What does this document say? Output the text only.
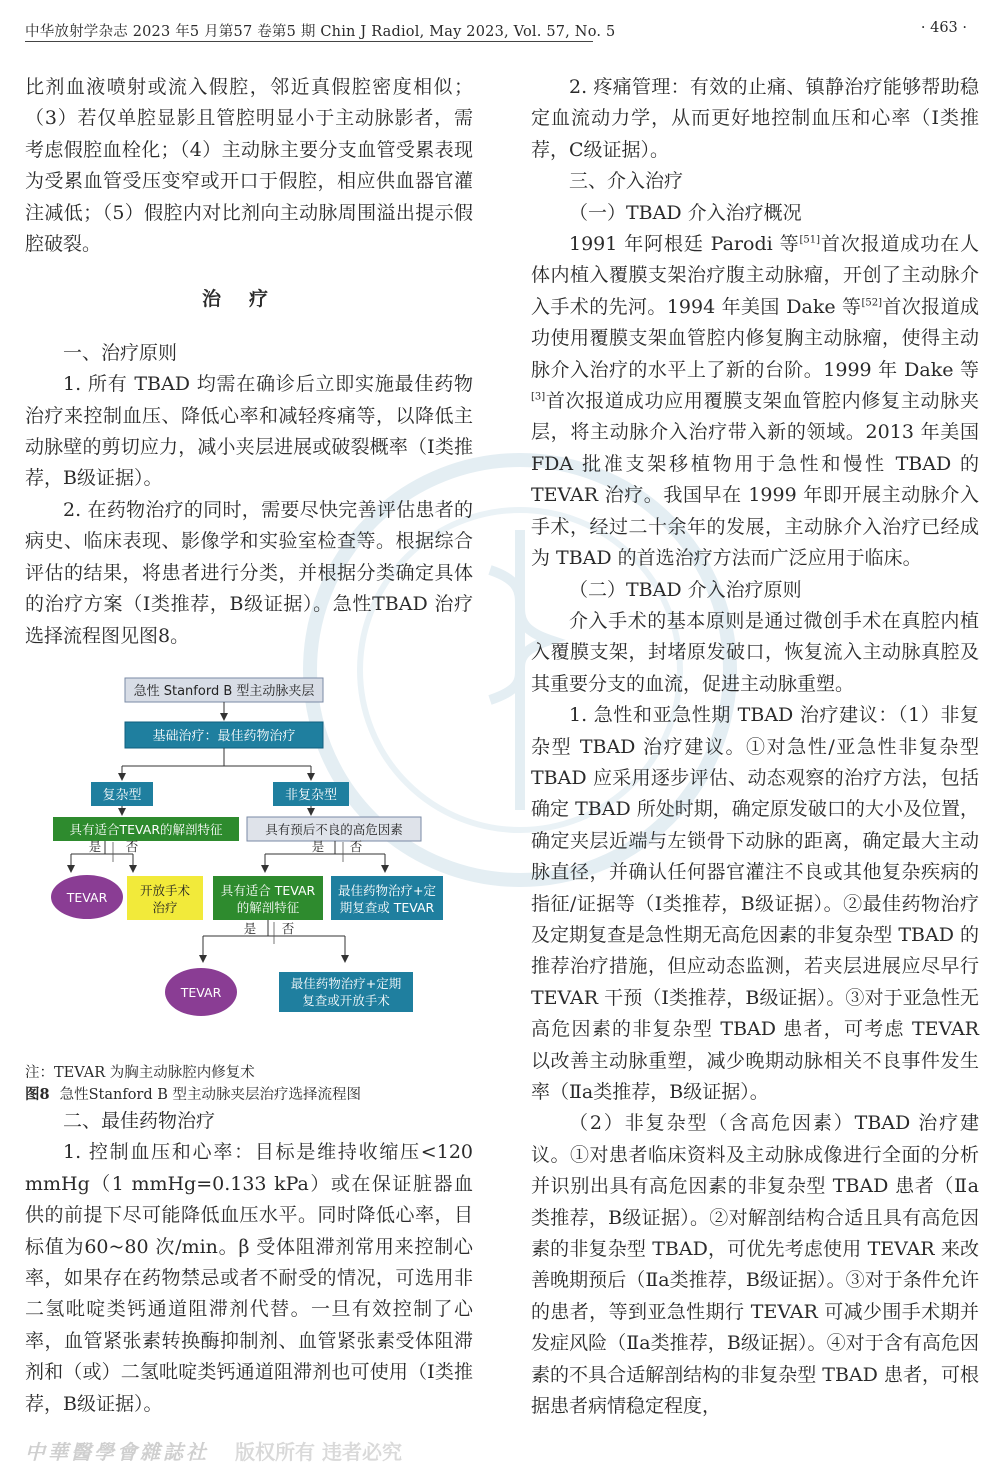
中华放射学杂志 2023 年5 月第57 卷第5 期 Chin J Radiol, May 2023, Vol. 57, No. 5	· 463 ·

比剂血液喷射或流入假腔，邻近真假腔密度相似；（3）若仅单腔显影且管腔明显小于主动脉影者，需考虑假腔血栓化；（4）主动脉主要分支血管受累表现为受累血管受压变窄或开口于假腔，相应供血器官灌注减低；（5）假腔内对比剂向主动脉周围溢出提示假腔破裂。

治疗

一、治疗原则

1. 所有 TBAD 均需在确诊后立即实施最佳药物治疗来控制血压、降低心率和减轻疼痛等，以降低主动脉壁的剪切应力，减小夹层进展或破裂概率（Ⅰ类推荐，B级证据）。

2. 在药物治疗的同时，需要尽快完善评估患者的病史、临床表现、影像学和实验室检查等。根据综合评估的结果，将患者进行分类，并根据分类确定具体的治疗方案（Ⅰ类推荐，B级证据）。急性TBAD 治疗选择流程图见图8。

急性 Stanford B 型主动脉夹层
基础治疗：最佳药物治疗
复杂型	非复杂型
具有适合TEVAR的解剖特征	具有预后不良的高危因素
是 否	是 否
TEVAR	开放手术
治疗
具有适合 TEVAR
的解剖特征
最佳药物治疗+定
期复查或 TEVAR
是 否
TEVAR
最佳药物治疗+定期
复查或开放手术

注：TEVAR 为胸主动脉腔内修复术

图8 急性Stanford B 型主动脉夹层治疗选择流程图

二、最佳药物治疗

1. 控制血压和心率：目标是维持收缩压<120 mmHg（1 mmHg=0.133 kPa）或在保证脏器血供的前提下尽可能降低血压水平。同时降低心率，目标值为60~80 次/min。β 受体阻滞剂常用来控制心率，如果存在药物禁忌或者不耐受的情况，可选用非二氢吡啶类钙通道阻滞剂代替。一旦有效控制了心率，血管紧张素转换酶抑制剂、血管紧张素受体阻滞剂和（或）二氢吡啶类钙通道阻滞剂也可使用（Ⅰ类推荐，B级证据）。

2. 疼痛管理：有效的止痛、镇静治疗能够帮助稳定血流动力学，从而更好地控制血压和心率（Ⅰ类推荐，C级证据）。

三、介入治疗

（一）TBAD 介入治疗概况

1991 年阿根廷 Parodi 等[51]首次报道成功在人体内植入覆膜支架治疗腹主动脉瘤，开创了主动脉介入手术的先河。1994 年美国 Dake 等[52]首次报道成功使用覆膜支架血管腔内修复胸主动脉瘤，使得主动脉介入治疗的水平上了新的台阶。1999 年 Dake 等[3]首次报道成功应用覆膜支架血管腔内修复主动脉夹层，将主动脉介入治疗带入新的领域。2013 年美国 FDA 批准支架移植物用于急性和慢性 TBAD 的 TEVAR 治疗。我国早在 1999 年即开展主动脉介入手术，经过二十余年的发展，主动脉介入治疗已经成为 TBAD 的首选治疗方法而广泛应用于临床。

（二）TBAD 介入治疗原则

介入手术的基本原则是通过微创手术在真腔内植入覆膜支架，封堵原发破口，恢复流入主动脉真腔及其重要分支的血流，促进主动脉重塑。

1. 急性和亚急性期 TBAD 治疗建议：（1）非复杂型 TBAD 治疗建议。①对急性/亚急性非复杂型 TBAD 应采用逐步评估、动态观察的治疗方法，包括确定 TBAD 所处时期，确定原发破口的大小及位置，确定夹层近端与左锁骨下动脉的距离，确定最大主动脉直径，并确认任何器官灌注不良或其他复杂疾病的指征/证据等（Ⅰ类推荐，B级证据）。②最佳药物治疗及定期复查是急性期无高危因素的非复杂型 TBAD 的推荐治疗措施，但应动态监测，若夹层进展应尽早行 TEVAR 干预（Ⅰ类推荐，B级证据）。③对于亚急性无高危因素的非复杂型 TBAD 患者，可考虑 TEVAR 以改善主动脉重塑，减少晚期动脉相关不良事件发生率（Ⅱa类推荐，B级证据）。

（2）非复杂型（含高危因素）TBAD 治疗建议。①对患者临床资料及主动脉成像进行全面的分析并识别出具有高危因素的非复杂型 TBAD 患者（Ⅱa类推荐，B级证据）。②对解剖结构合适且具有高危因素的非复杂型 TBAD，可优先考虑使用 TEVAR 来改善晚期预后（Ⅱa类推荐，B级证据）。③对于条件允许的患者，等到亚急性期行 TEVAR 可减少围手术期并发症风险（Ⅱa类推荐，B级证据）。④对于含有高危因素的不具合适解剖结构的非复杂型 TBAD 患者，可根据患者病情稳定程度，

中華醫學會雜誌社 版权所有 违者必究
